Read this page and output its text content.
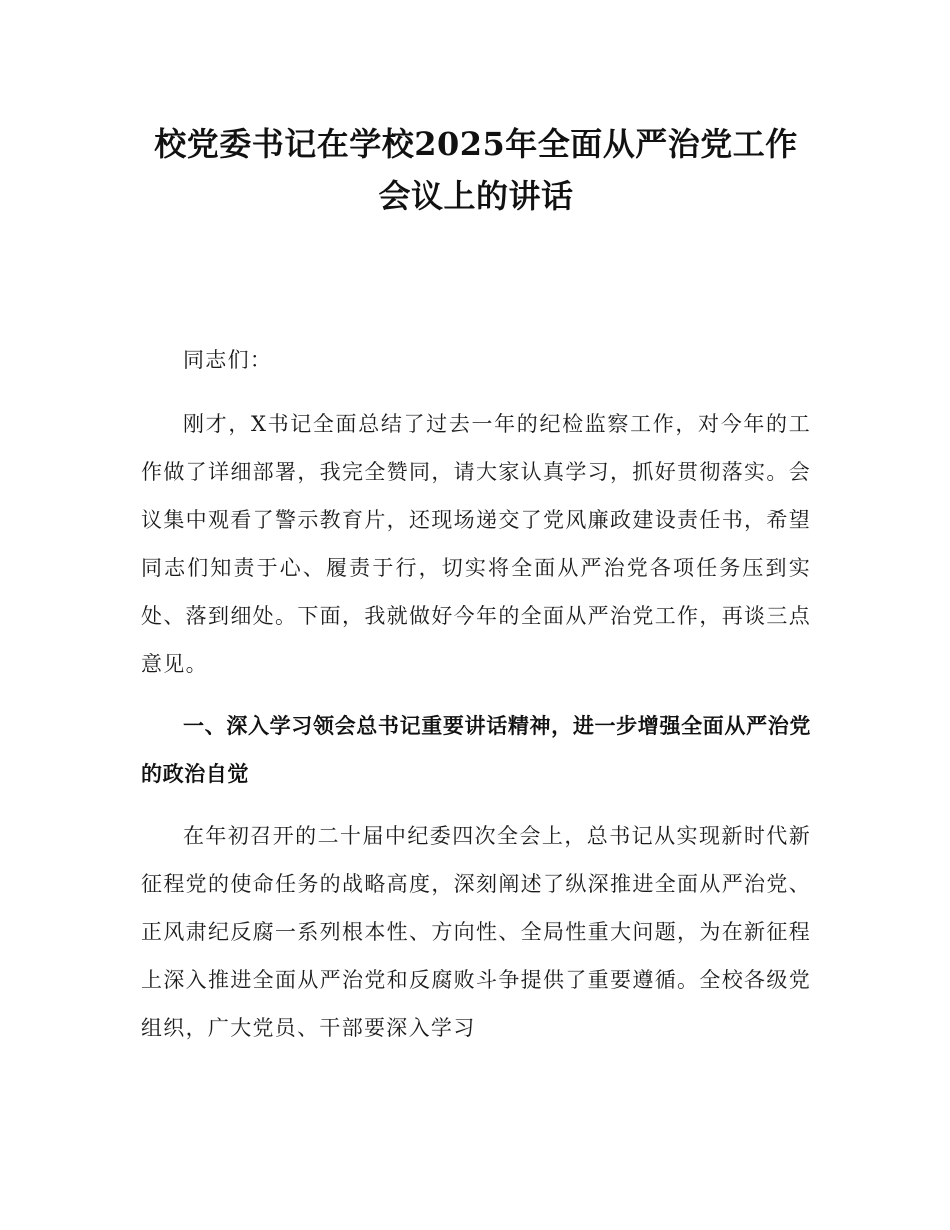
校党委书记在学校2025年全面从严治党工作会议上的讲话

同志们：

刚才，X书记全面总结了过去一年的纪检监察工作，对今年的工作做了详细部署，我完全赞同，请大家认真学习，抓好贯彻落实。会议集中观看了警示教育片，还现场递交了党风廉政建设责任书，希望同志们知责于心、履责于行，切实将全面从严治党各项任务压到实处、落到细处。下面，我就做好今年的全面从严治党工作，再谈三点意见。

一、深入学习领会总书记重要讲话精神，进一步增强全面从严治党的政治自觉

在年初召开的二十届中纪委四次全会上，总书记从实现新时代新征程党的使命任务的战略高度，深刻阐述了纵深推进全面从严治党、正风肃纪反腐一系列根本性、方向性、全局性重大问题，为在新征程上深入推进全面从严治党和反腐败斗争提供了重要遵循。全校各级党组织，广大党员、干部要深入学习
